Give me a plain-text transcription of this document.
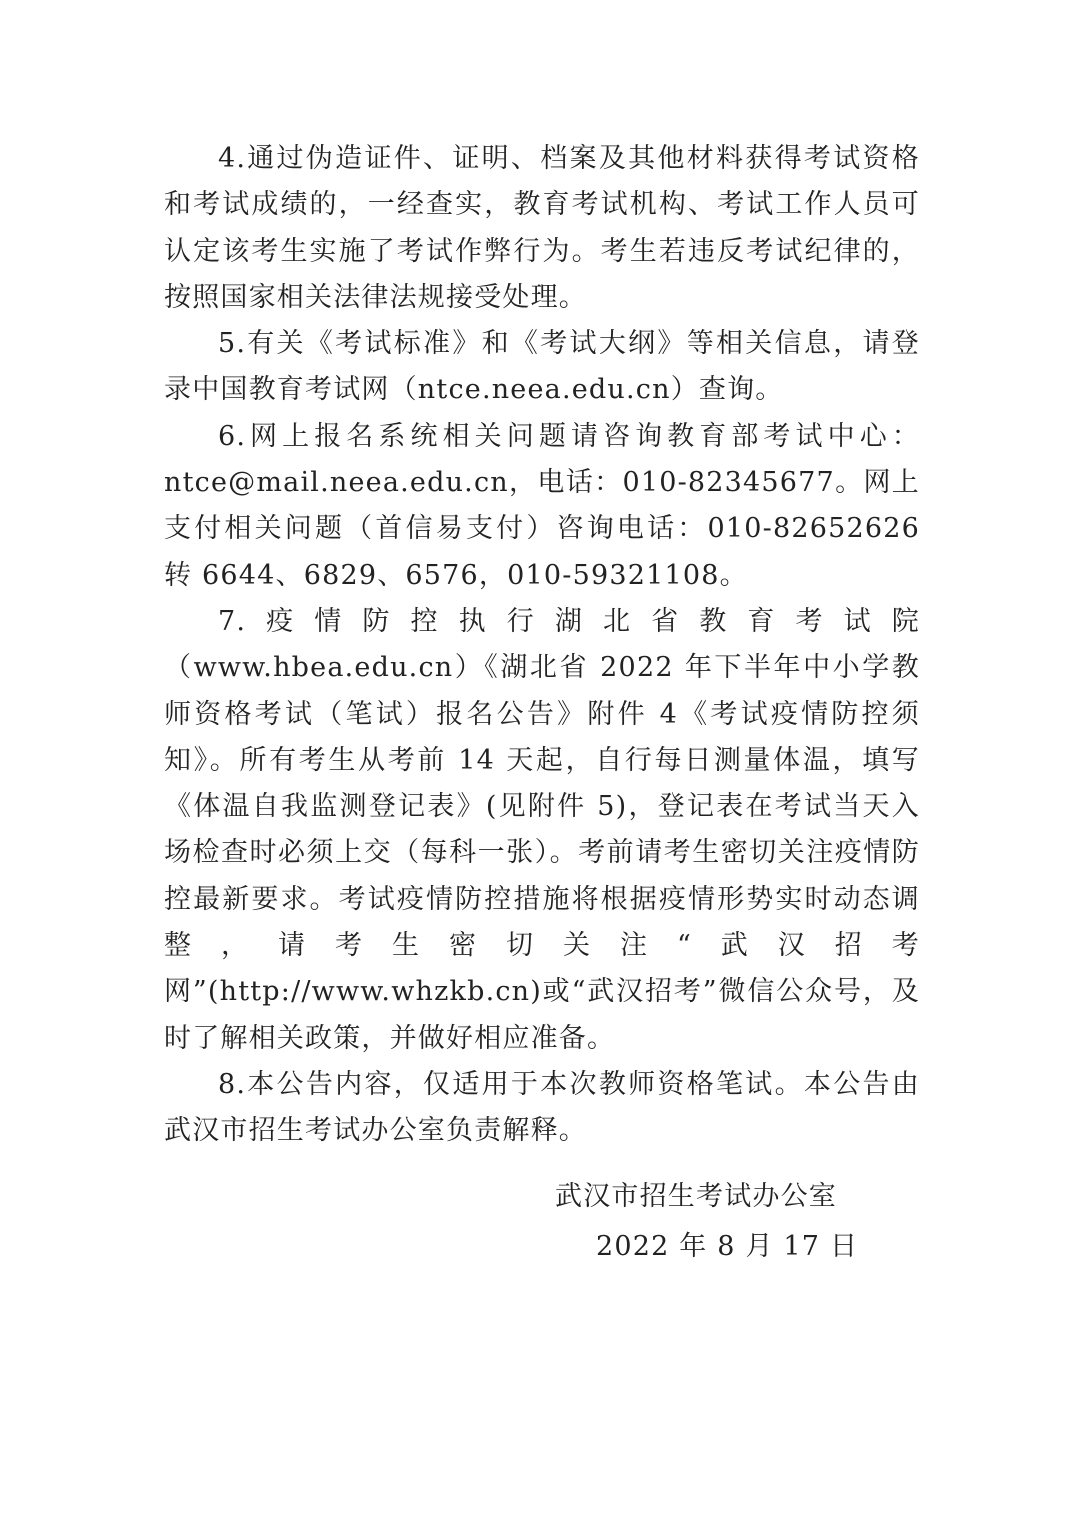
4.通过伪造证件、证明、档案及其他材料获得考试资格和考试成绩的，一经查实，教育考试机构、考试工作人员可认定该考生实施了考试作弊行为。考生若违反考试纪律的，按照国家相关法律法规接受处理。

5.有关《考试标准》和《考试大纲》等相关信息，请登录中国教育考试网（ntce.neea.edu.cn）查询。

6.网上报名系统相关问题请咨询教育部考试中心：ntce@mail.neea.edu.cn，电话：010-82345677。网上支付相关问题（首信易支付）咨询电话：010-82652626 转 6644、6829、6576，010-59321108。

7.疫情防控执行湖北省教育考试院（www.hbea.edu.cn）《湖北省 2022 年下半年中小学教师资格考试（笔试）报名公告》附件 4《考试疫情防控须知》。所有考生从考前 14 天起，自行每日测量体温，填写《体温自我监测登记表》(见附件 5)，登记表在考试当天入场检查时必须上交（每科一张）。考前请考生密切关注疫情防控最新要求。考试疫情防控措施将根据疫情形势实时动态调整，请考生密切关注“武汉招考网”(http://www.whzkb.cn)或“武汉招考”微信公众号，及时了解相关政策，并做好相应准备。

8.本公告内容，仅适用于本次教师资格笔试。本公告由武汉市招生考试办公室负责解释。

武汉市招生考试办公室
2022 年 8 月 17 日
